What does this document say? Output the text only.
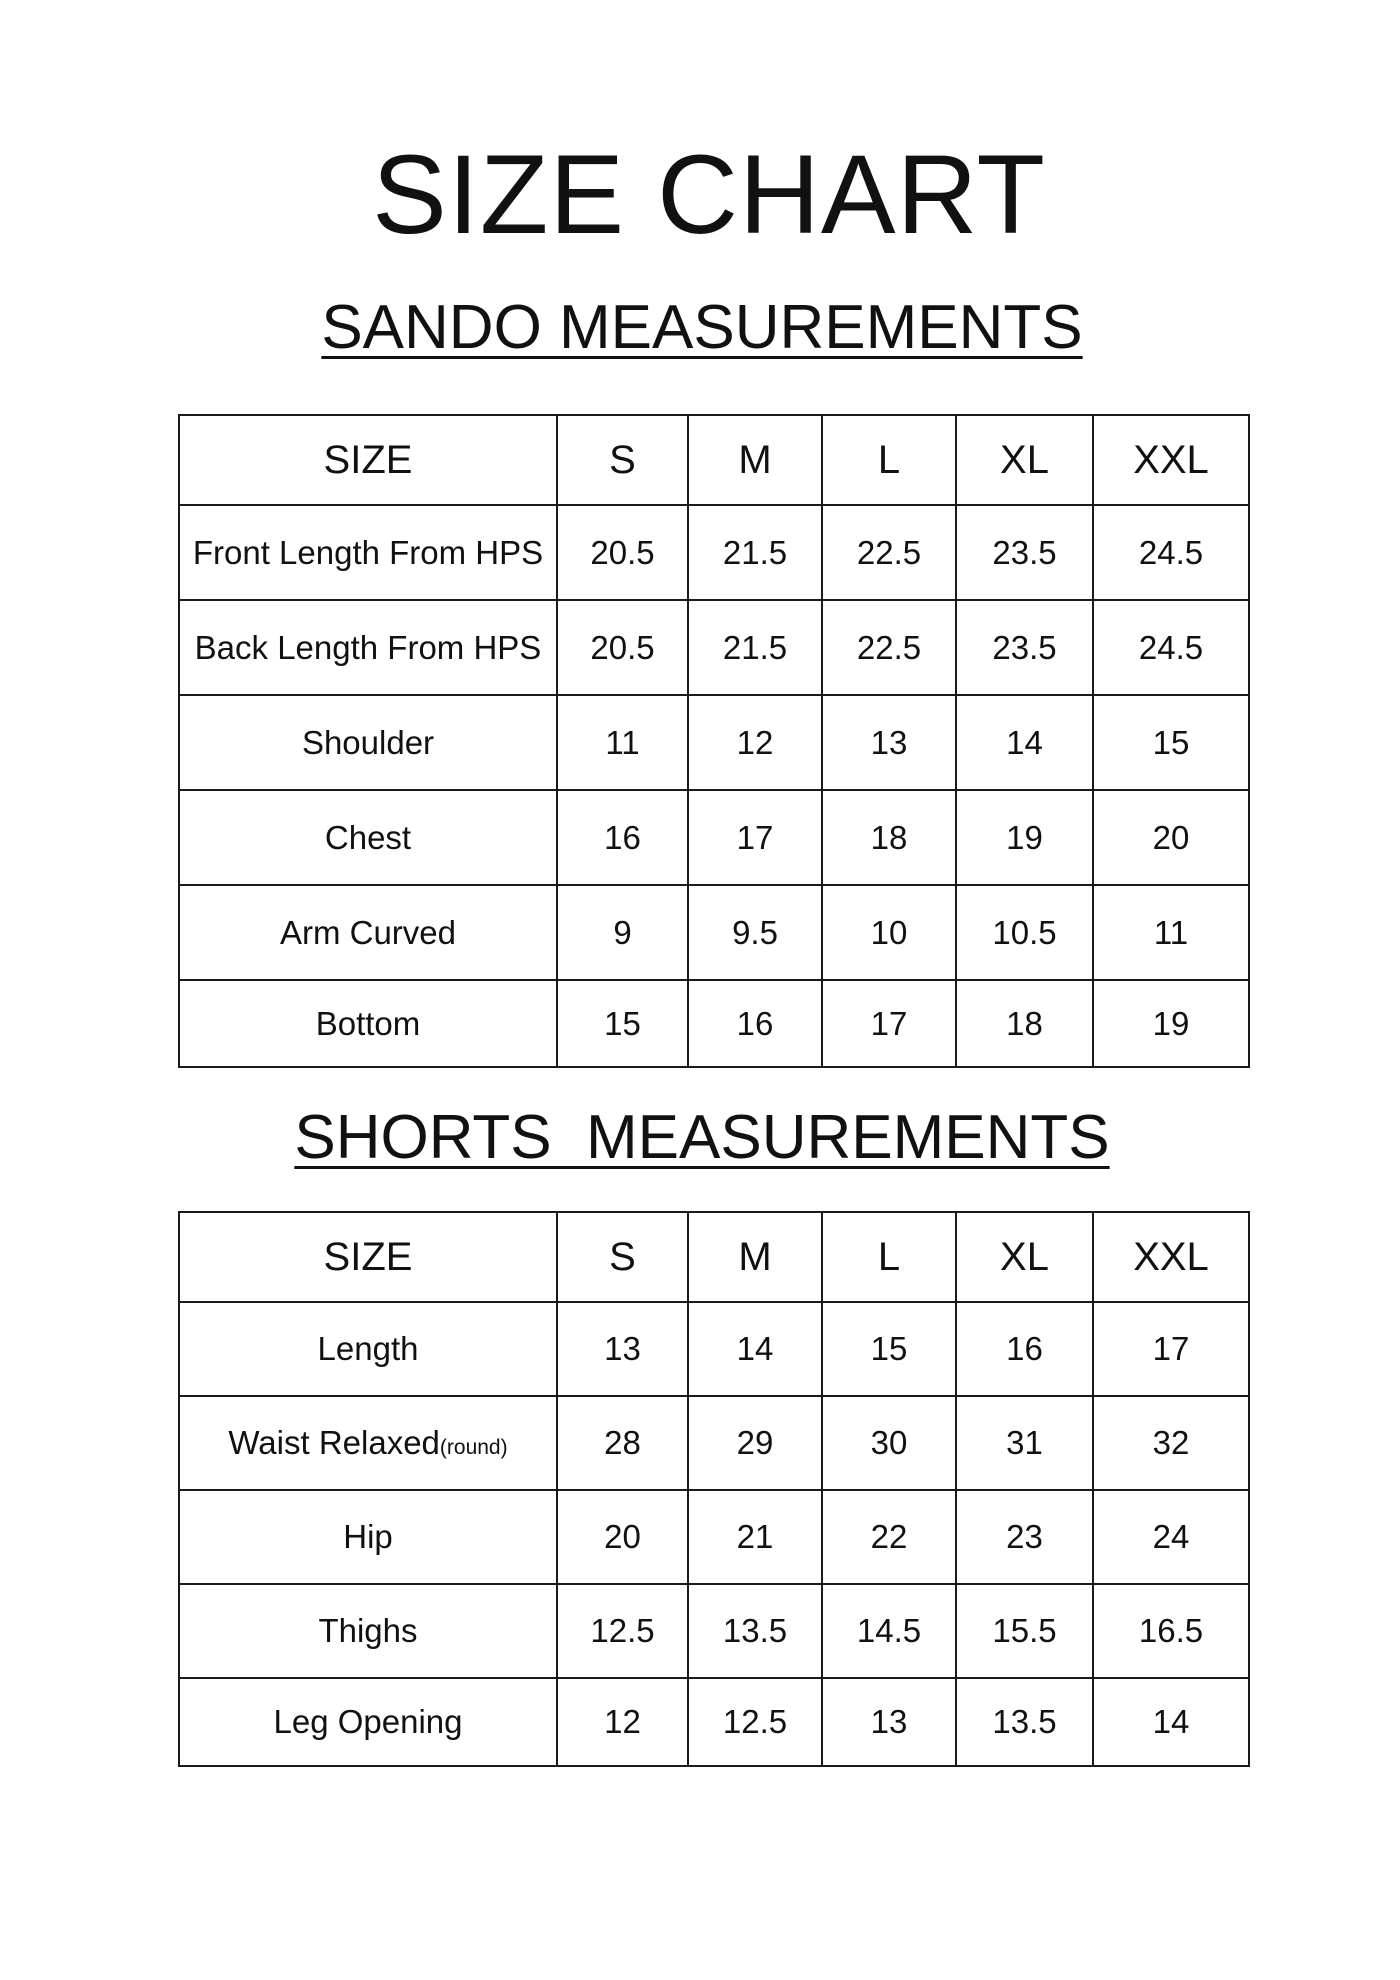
SIZE CHART
SANDO MEASUREMENTS
SIZE	S	M	L	XL	XXL
Front Length From HPS	20.5	21.5	22.5	23.5	24.5
Back Length From HPS	20.5	21.5	22.5	23.5	24.5
Shoulder	11	12	13	14	15
Chest	16	17	18	19	20
Arm Curved	9	9.5	10	10.5	11
Bottom	15	16	17	18	19
SHORTS  MEASUREMENTS
SIZE	S	M	L	XL	XXL
Length	13	14	15	16	17
Waist Relaxed(round)	28	29	30	31	32
Hip	20	21	22	23	24
Thighs	12.5	13.5	14.5	15.5	16.5
Leg Opening	12	12.5	13	13.5	14
